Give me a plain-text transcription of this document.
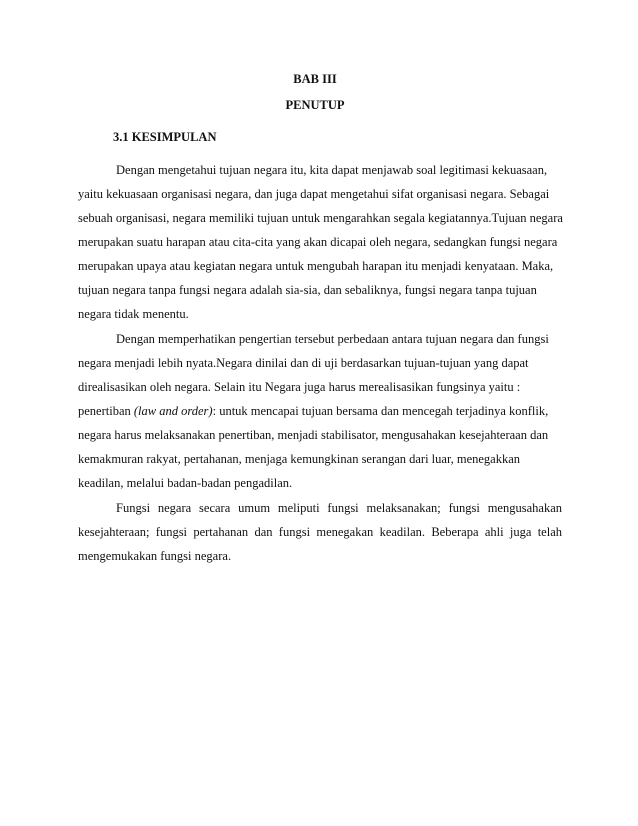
BAB III
PENUTUP
3.1 KESIMPULAN

Dengan mengetahui tujuan negara itu, kita dapat menjawab soal legitimasi kekuasaan,
yaitu kekuasaan organisasi negara, dan juga dapat mengetahui sifat organisasi negara. Sebagai
sebuah organisasi, negara memiliki tujuan untuk mengarahkan segala kegiatannya.Tujuan negara
merupakan suatu harapan atau cita-cita yang akan dicapai oleh negara, sedangkan fungsi negara
merupakan upaya atau kegiatan negara untuk mengubah harapan itu menjadi kenyataan. Maka,
tujuan negara tanpa fungsi negara adalah sia-sia, dan sebaliknya, fungsi negara tanpa tujuan
negara tidak menentu.

Dengan memperhatikan pengertian tersebut perbedaan antara tujuan negara dan fungsi
negara menjadi lebih nyata.Negara dinilai dan di uji berdasarkan tujuan-tujuan yang dapat
direalisasikan oleh negara. Selain itu Negara juga harus merealisasikan fungsinya yaitu :
penertiban (law and order): untuk mencapai tujuan bersama dan mencegah terjadinya konflik,
negara harus melaksanakan penertiban, menjadi stabilisator, mengusahakan kesejahteraan dan
kemakmuran rakyat, pertahanan, menjaga kemungkinan serangan dari luar, menegakkan
keadilan, melalui badan-badan pengadilan.

Fungsi negara secara umum meliputi fungsi melaksanakan; fungsi mengusahakan
kesejahteraan; fungsi pertahanan dan fungsi menegakan keadilan. Beberapa ahli juga telah
mengemukakan fungsi negara.
